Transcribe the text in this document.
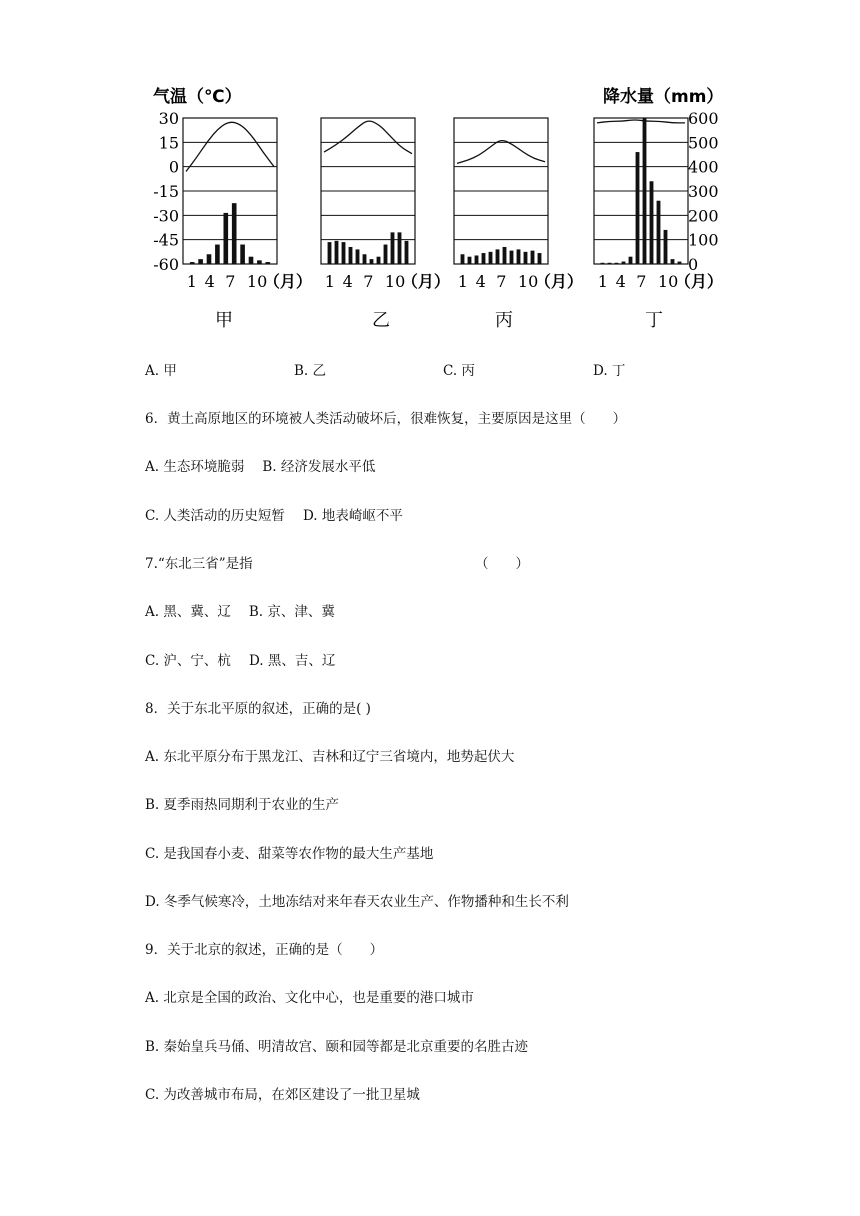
气温（℃）	降水量（mm）
30
15
0
-15
-30
-45
-60
600
500
400
300
200
100
0
1 4 7 10
（月）
甲
1 4 7 10
（月）
乙
1 4 7 10
（月）
丙
1 4 7 10
（月）
丁
A. 甲	B. 乙	C. 丙	D. 丁
6．黄土高原地区的环境被人类活动破坏后，很难恢复，主要原因是这里（　　）
A. 生态环境脆弱 B. 经济发展水平低
C. 人类活动的历史短暂 D. 地表崎岖不平
7.“东北三省”是指	（　　）
A. 黑、冀、辽 B. 京、津、冀
C. 沪、宁、杭 D. 黑、吉、辽
8．关于东北平原的叙述，正确的是( )
A. 东北平原分布于黑龙江、吉林和辽宁三省境内，地势起伏大
B. 夏季雨热同期利于农业的生产
C. 是我国春小麦、甜菜等农作物的最大生产基地
D. 冬季气候寒冷，土地冻结对来年春天农业生产、作物播种和生长不利
9．关于北京的叙述，正确的是（　　）
A. 北京是全国的政治、文化中心，也是重要的港口城市
B. 秦始皇兵马俑、明清故宫、颐和园等都是北京重要的名胜古迹
C. 为改善城市布局，在郊区建设了一批卫星城
